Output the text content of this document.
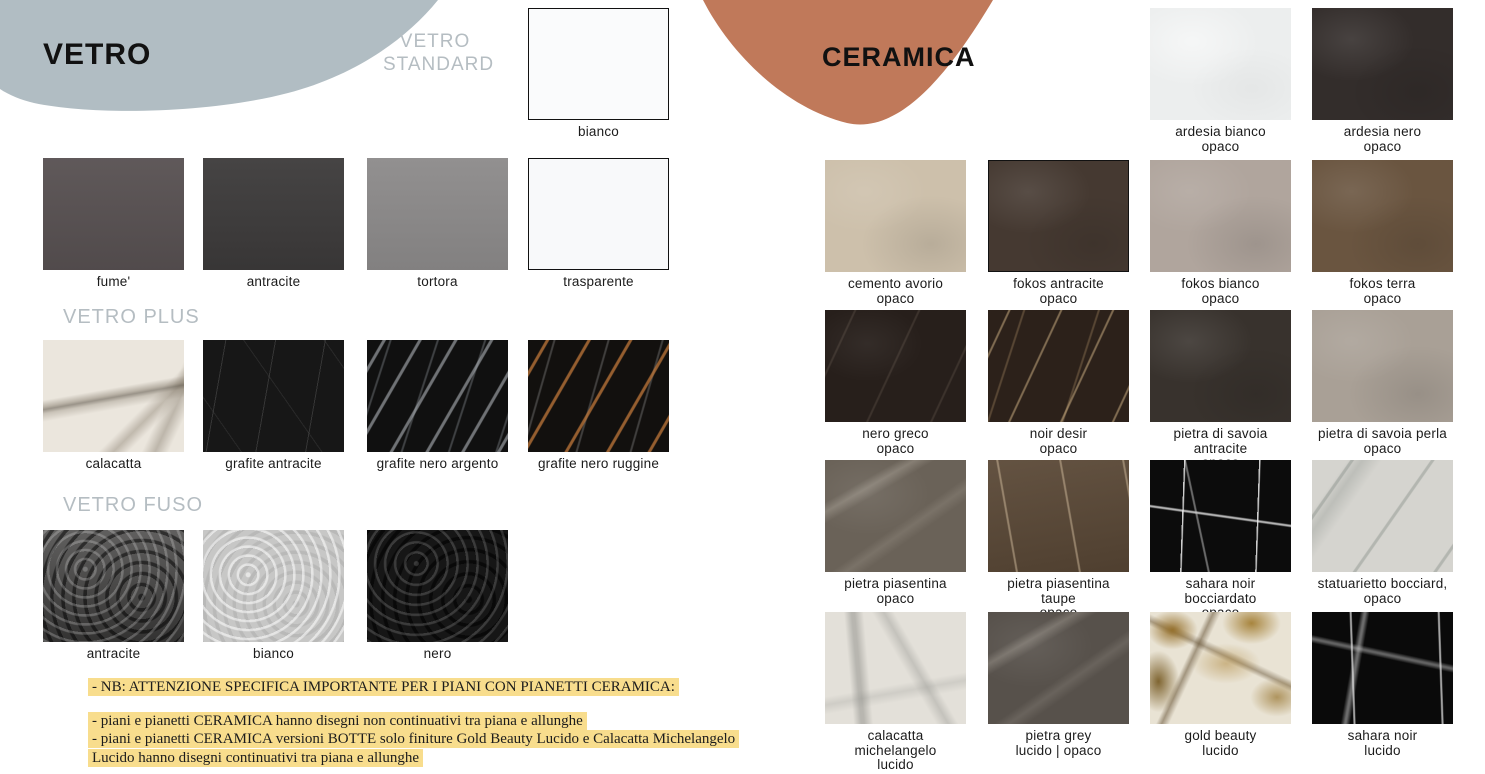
VETRO	CERAMICA
VETRO STANDARD
VETRO PLUS
VETRO FUSO

- NB: ATTENZIONE SPECIFICA IMPORTANTE PER I PIANI CON PIANETTI CERAMICA:

- piani e pianetti CERAMICA hanno disegni non continuativi tra piana e allunghe

- piani e pianetti CERAMICA versioni BOTTE solo finiture Gold Beauty Lucido e Calacatta Michelangelo Lucido hanno disegni continuativi tra piana e allunghe

bianco
fume'	antracite	tortora	trasparente
calacatta	grafite antracite	grafite nero argento	grafite nero ruggine
antracite	bianco	nero
ardesia bianco
opaco
ardesia nero
opaco
cemento avorio
opaco
fokos antracite
opaco
fokos bianco
opaco
fokos terra
opaco
nero greco
opaco
noir desir
opaco
pietra di savoia antracite

pietra di savoia perla
opaco
pietra piasentina
opaco
pietra piasentina taupe

sahara noir bocciardato

statuarietto bocciard,
opaco
calacatta michelangelo
lucido
pietra grey
lucido | opaco
gold beauty
lucido
sahara noir
lucido
